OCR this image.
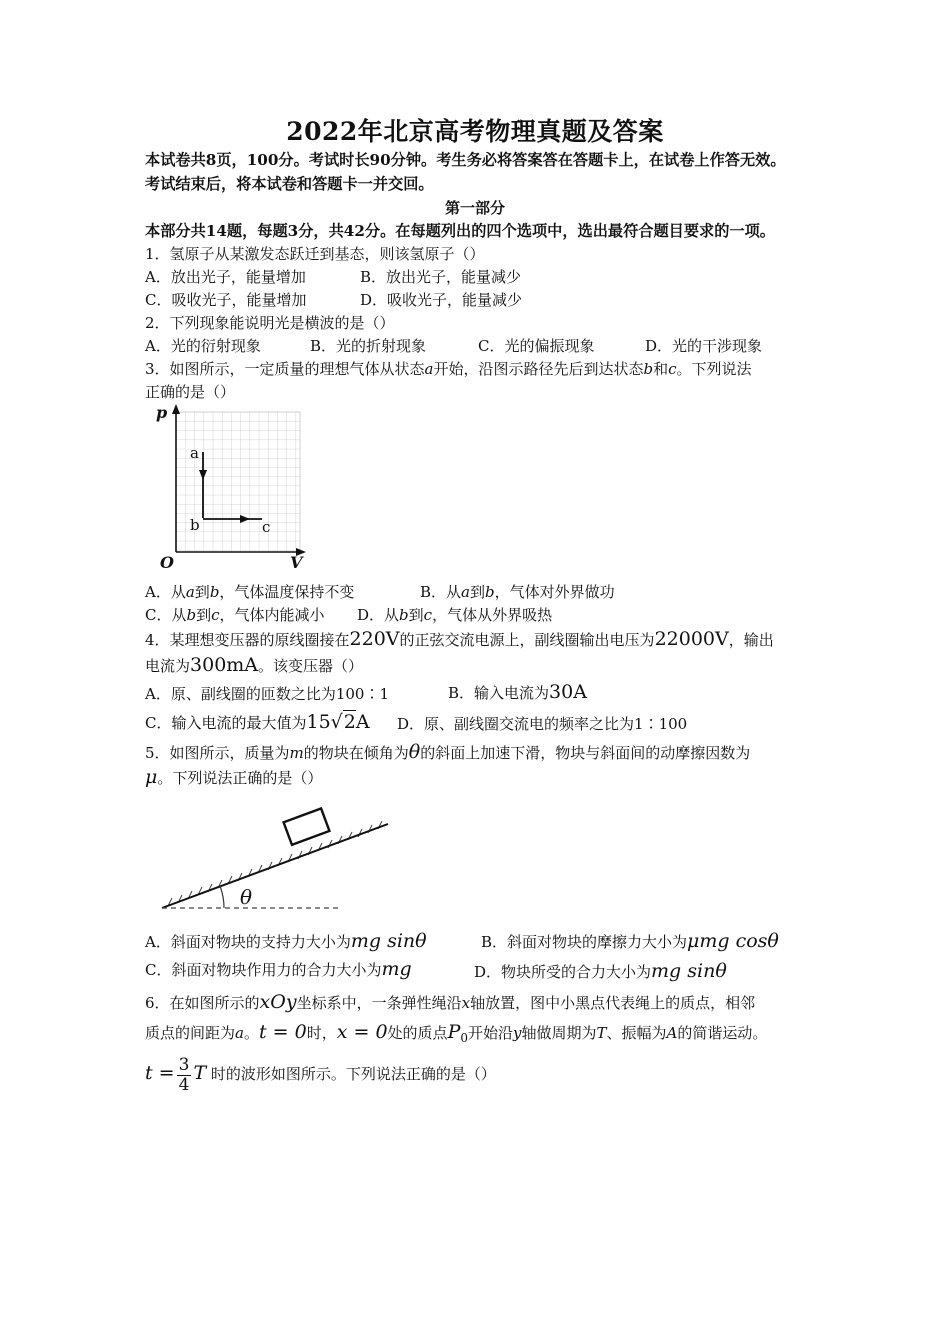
2022年北京高考物理真题及答案
本试卷共8页，100分。考试时长90分钟。考生务必将答案答在答题卡上，在试卷上作答无效。
考试结束后，将本试卷和答题卡一并交回。
第一部分
本部分共14题，每题3分，共42分。在每题列出的四个选项中，选出最符合题目要求的一项。
1．氢原子从某激发态跃迁到基态，则该氢原子（）
A．放出光子，能量增加	B．放出光子，能量减少
C．吸收光子，能量增加	D．吸收光子，能量减少
2．下列现象能说明光是横波的是（）
A．光的衍射现象	B．光的折射现象	C．光的偏振现象	D．光的干涉现象
3．如图所示，一定质量的理想气体从状态a开始，沿图示路径先后到达状态b和c。下列说法
正确的是（）
p
V
O
a
b	c
A．从a到b，气体温度保持不变	B．从a到b，气体对外界做功
C．从b到c，气体内能减小 D．从b到c，气体从外界吸热
4．某理想变压器的原线圈接在220V的正弦交流电源上，副线圈输出电压为22000V，输出
电流为300mA。该变压器（）
A．原、副线圈的匝数之比为100∶1	B．输入电流为30A
C．输入电流的最大值为15√2A D．原、副线圈交流电的频率之比为1∶100
5．如图所示，质量为m的物块在倾角为θ的斜面上加速下滑，物块与斜面间的动摩擦因数为
μ。下列说法正确的是（）
θ
A．斜面对物块的支持力大小为mg sinθ	B．斜面对物块的摩擦力大小为μmg cosθ
C．斜面对物块作用力的合力大小为mg	D．物块所受的合力大小为mg sinθ
6．在如图所示的xOy坐标系中，一条弹性绳沿x轴放置，图中小黑点代表绳上的质点，相邻
质点的间距为a。t = 0时，x = 0处的质点$P_0$开始沿y轴做周期为T、振幅为A的简谐运动。
$t = \frac{3}{4}$ T 时的波形如图所示。下列说法正确的是（）
